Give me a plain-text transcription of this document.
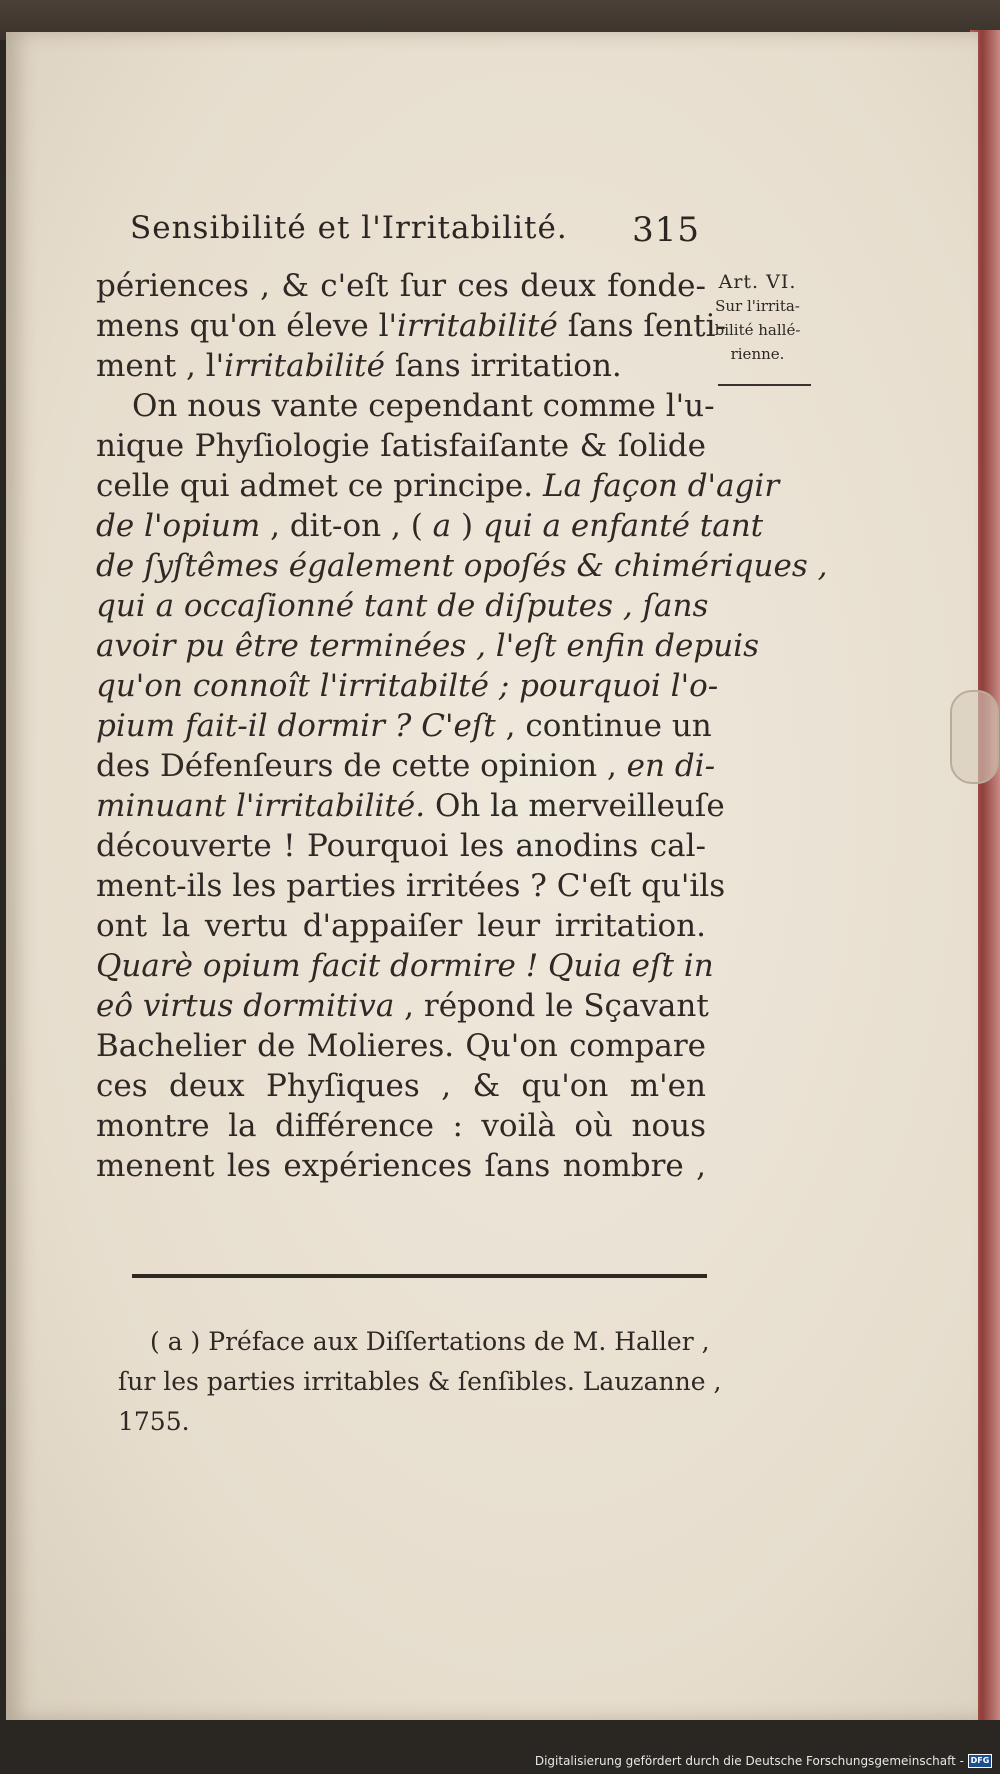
Sensibilité et l'Irritabilité. 315
Art. VI.
Sur l'irrita-
bilité hallé-
rienne.
périences , & c'eſt ſur ces deux fonde-
mens qu'on éleve l'irritabilité ſans ſenti-
ment , l'irritabilité ſans irritation.
On nous vante cependant comme l'u-
nique Phyſiologie ſatisfaiſante & ſolide
celle qui admet ce principe. La façon d'agir
de l'opium , dit-on , ( a ) qui a enfanté tant
de ſyſtêmes également opoſés & chimériques ,
qui a occaſionné tant de diſputes , ſans
avoir pu être terminées , l'eſt enfin depuis
qu'on connoît l'irritabilté ; pourquoi l'o-
pium fait-il dormir ? C'eſt , continue un
des Défenſeurs de cette opinion , en di-
minuant l'irritabilité. Oh la merveilleuſe
découverte ! Pourquoi les anodins cal-
ment-ils les parties irritées ? C'eſt qu'ils
ont la vertu d'appaiſer leur irritation.
Quarè opium facit dormire ! Quia eſt in
eô virtus dormitiva , répond le Sçavant
Bachelier de Molieres. Qu'on compare
ces deux Phyſiques , & qu'on m'en
montre la différence : voilà où nous
menent les expériences ſans nombre ,
( a ) Préface aux Diſſertations de M. Haller ,
ſur les parties irritables & ſenſibles. Lauzanne ,
1755.
Digitalisierung gefördert durch die Deutsche Forschungsgemeinschaft - DFG
